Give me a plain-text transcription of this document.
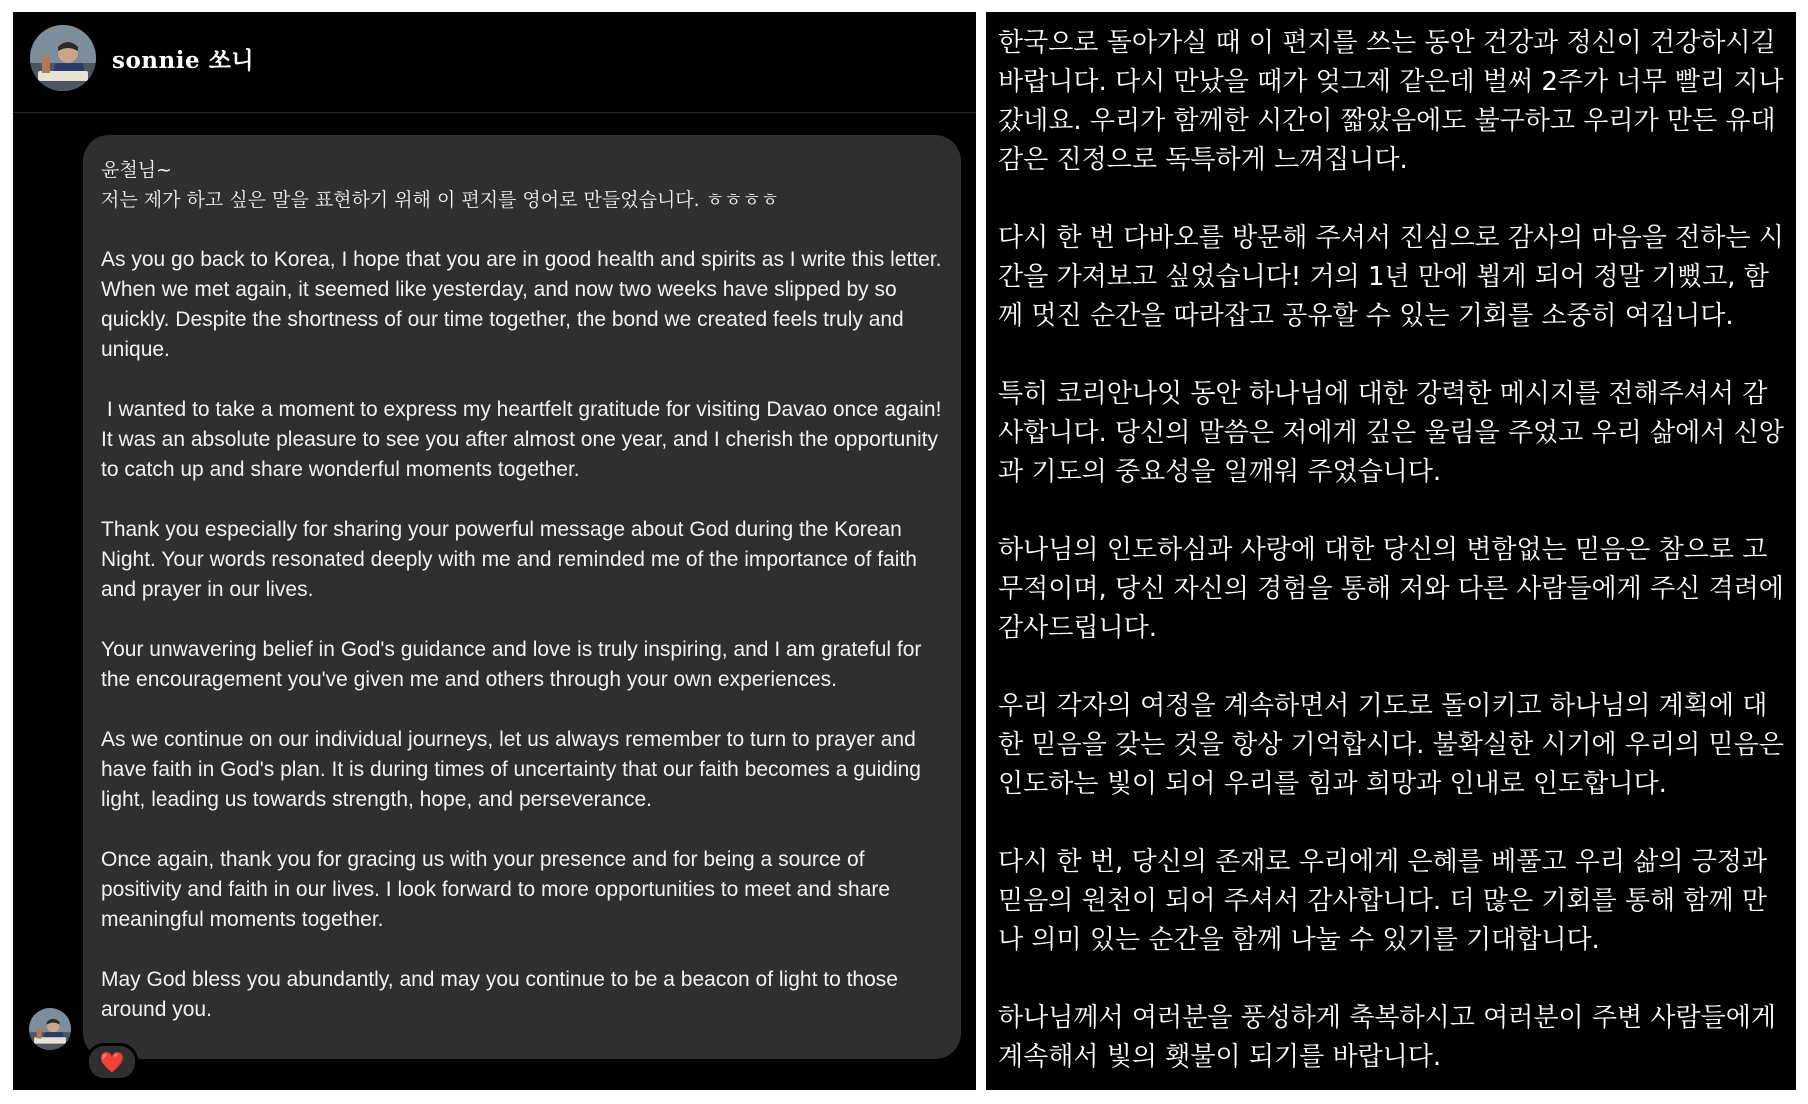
sonnie 쏘니

윤철님~

저는 제가 하고 싶은 말을 표현하기 위해 이 편지를 영어로 만들었습니다. ㅎㅎㅎㅎ

As you go back to Korea, I hope that you are in good health and spirits as I write this letter. When we met again, it seemed like yesterday, and now two weeks have slipped by so quickly. Despite the shortness of our time together, the bond we created feels truly and unique.

I wanted to take a moment to express my heartfelt gratitude for visiting Davao once again! It was an absolute pleasure to see you after almost one year, and I cherish the opportunity to catch up and share wonderful moments together.

Thank you especially for sharing your powerful message about God during the Korean Night. Your words resonated deeply with me and reminded me of the importance of faith and prayer in our lives.

Your unwavering belief in God's guidance and love is truly inspiring, and I am grateful for the encouragement you've given me and others through your own experiences.

As we continue on our individual journeys, let us always remember to turn to prayer and have faith in God's plan. It is during times of uncertainty that our faith becomes a guiding light, leading us towards strength, hope, and perseverance.

Once again, thank you for gracing us with your presence and for being a source of positivity and faith in our lives. I look forward to more opportunities to meet and share meaningful moments together.

May God bless you abundantly, and may you continue to be a beacon of light to those around you.

❤️

한국으로 돌아가실 때 이 편지를 쓰는 동안 건강과 정신이 건강하시길 바랍니다. 다시 만났을 때가 엊그제 같은데 벌써 2주가 너무 빨리 지나갔네요. 우리가 함께한 시간이 짧았음에도 불구하고 우리가 만든 유대감은 진정으로 독특하게 느껴집니다.

다시 한 번 다바오를 방문해 주셔서 진심으로 감사의 마음을 전하는 시간을 가져보고 싶었습니다! 거의 1년 만에 뵙게 되어 정말 기뻤고, 함께 멋진 순간을 따라잡고 공유할 수 있는 기회를 소중히 여깁니다.

특히 코리안나잇 동안 하나님에 대한 강력한 메시지를 전해주셔서 감사합니다. 당신의 말씀은 저에게 깊은 울림을 주었고 우리 삶에서 신앙과 기도의 중요성을 일깨워 주었습니다.

하나님의 인도하심과 사랑에 대한 당신의 변함없는 믿음은 참으로 고무적이며, 당신 자신의 경험을 통해 저와 다른 사람들에게 주신 격려에 감사드립니다.

우리 각자의 여정을 계속하면서 기도로 돌이키고 하나님의 계획에 대한 믿음을 갖는 것을 항상 기억합시다. 불확실한 시기에 우리의 믿음은 인도하는 빛이 되어 우리를 힘과 희망과 인내로 인도합니다.

다시 한 번, 당신의 존재로 우리에게 은혜를 베풀고 우리 삶의 긍정과 믿음의 원천이 되어 주셔서 감사합니다. 더 많은 기회를 통해 함께 만나 의미 있는 순간을 함께 나눌 수 있기를 기대합니다.

하나님께서 여러분을 풍성하게 축복하시고 여러분이 주변 사람들에게 계속해서 빛의 횃불이 되기를 바랍니다.
